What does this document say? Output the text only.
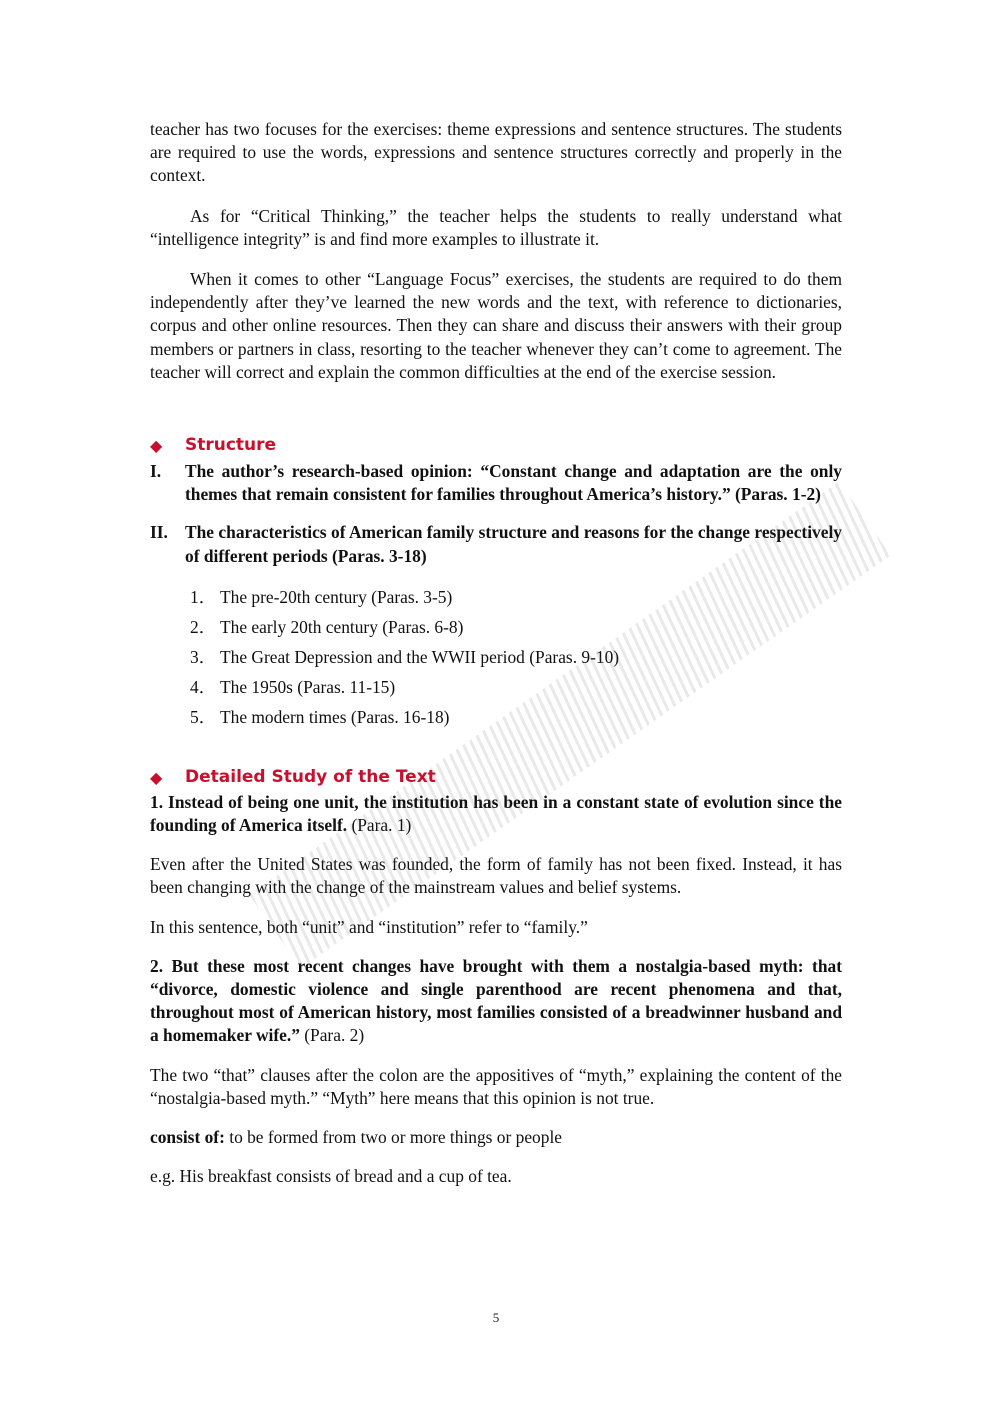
teacher has two focuses for the exercises: theme expressions and sentence structures. The students are required to use the words, expressions and sentence structures correctly and properly in the context.

As for “Critical Thinking,” the teacher helps the students to really understand what “intelligence integrity” is and find more examples to illustrate it.

When it comes to other “Language Focus” exercises, the students are required to do them independently after they’ve learned the new words and the text, with reference to dictionaries, corpus and other online resources. Then they can share and discuss their answers with their group members or partners in class, resorting to the teacher whenever they can’t come to agreement. The teacher will correct and explain the common difficulties at the end of the exercise session.

◆	Structure
I.	The author’s research-based opinion: “Constant change and adaptation are the only themes that remain consistent for families throughout America’s history.” (Paras. 1-2)
II. The characteristics of American family structure and reasons for the change respectively of different periods (Paras. 3-18)
1． The pre-20th century (Paras. 3-5)
2． The early 20th century (Paras. 6-8)
3． The Great Depression and the WWII period (Paras. 9-10)
4． The 1950s (Paras. 11-15)
5． The modern times (Paras. 16-18)
◆	Detailed Study of the Text

1. Instead of being one unit, the institution has been in a constant state of evolution since the founding of America itself. (Para. 1)

Even after the United States was founded, the form of family has not been fixed. Instead, it has been changing with the change of the mainstream values and belief systems.

In this sentence, both “unit” and “institution” refer to “family.”

2. But these most recent changes have brought with them a nostalgia-based myth: that “divorce, domestic violence and single parenthood are recent phenomena and that, throughout most of American history, most families consisted of a breadwinner husband and a homemaker wife.” (Para. 2)

The two “that” clauses after the colon are the appositives of “myth,” explaining the content of the “nostalgia-based myth.” “Myth” here means that this opinion is not true.

consist of: to be formed from two or more things or people

e.g. His breakfast consists of bread and a cup of tea.

5
